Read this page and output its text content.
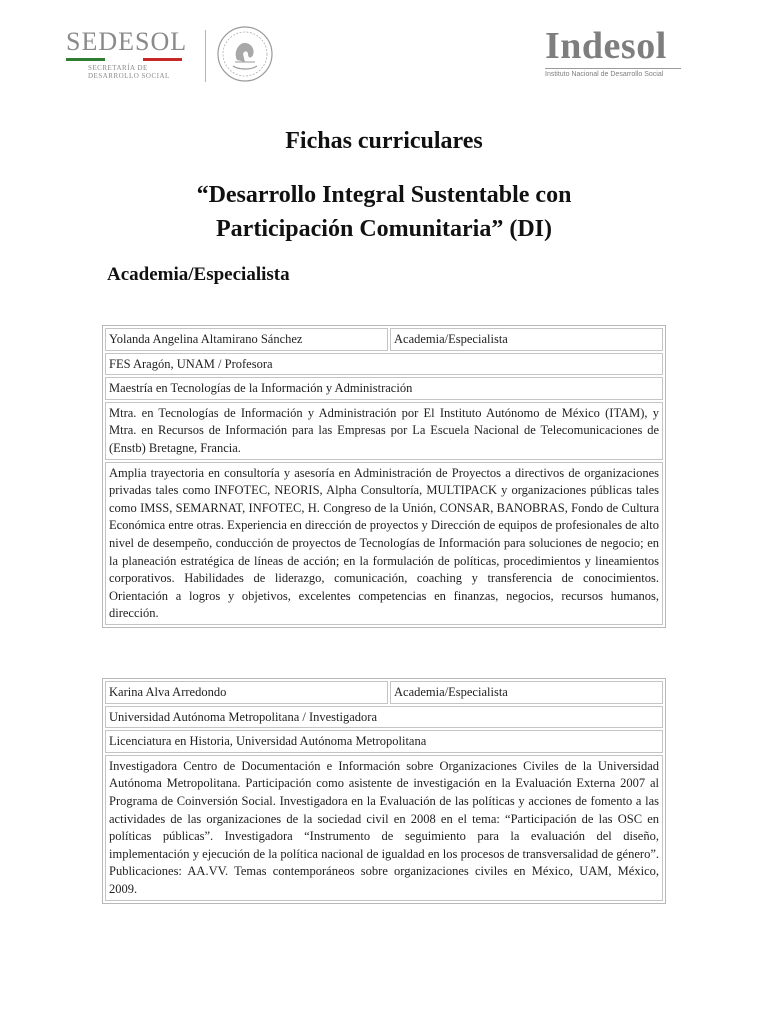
SEDESOL
SECRETARÍA DE
DESARROLLO SOCIAL
Indesol
Instituto Nacional de Desarrollo Social
Fichas curriculares
“Desarrollo Integral Sustentable con
Participación Comunitaria” (DI)
Academia/Especialista
Yolanda Angelina Altamirano Sánchez	Academia/Especialista
FES Aragón, UNAM / Profesora
Maestría en Tecnologías de la Información y Administración
Mtra. en Tecnologías de Información y Administración por El Instituto Autónomo de México (ITAM), y Mtra. en Recursos de Información para las Empresas por La Escuela Nacional de Telecomunicaciones de (Enstb) Bretagne, Francia.
Amplia trayectoria en consultoría y asesoría en Administración de Proyectos a directivos de organizaciones privadas tales como INFOTEC, NEORIS, Alpha Consultoría, MULTIPACK y organizaciones públicas tales como IMSS, SEMARNAT, INFOTEC, H. Congreso de la Unión, CONSAR, BANOBRAS, Fondo de Cultura Económica entre otras. Experiencia en dirección de proyectos y Dirección de equipos de profesionales de alto nivel de desempeño, conducción de proyectos de Tecnologías de Información para soluciones de negocio; en la planeación estratégica de líneas de acción; en la formulación de políticas, procedimientos y lineamientos corporativos. Habilidades de liderazgo, comunicación, coaching y transferencia de conocimientos. Orientación a logros y objetivos, excelentes competencias en finanzas, negocios, recursos humanos, dirección.
Karina Alva Arredondo	Academia/Especialista
Universidad Autónoma Metropolitana / Investigadora
Licenciatura en Historia, Universidad Autónoma Metropolitana
Investigadora Centro de Documentación e Información sobre Organizaciones Civiles de la Universidad Autónoma Metropolitana. Participación como asistente de investigación en la Evaluación Externa 2007 al Programa de Coinversión Social. Investigadora en la Evaluación de las políticas y acciones de fomento a las actividades de las organizaciones de la sociedad civil en 2008 en el tema: “Participación de las OSC en políticas públicas”. Investigadora “Instrumento de seguimiento para la evaluación del diseño, implementación y ejecución de la política nacional de igualdad en los procesos de transversalidad de género”. Publicaciones: AA.VV. Temas contemporáneos sobre organizaciones civiles en México, UAM, México, 2009.
